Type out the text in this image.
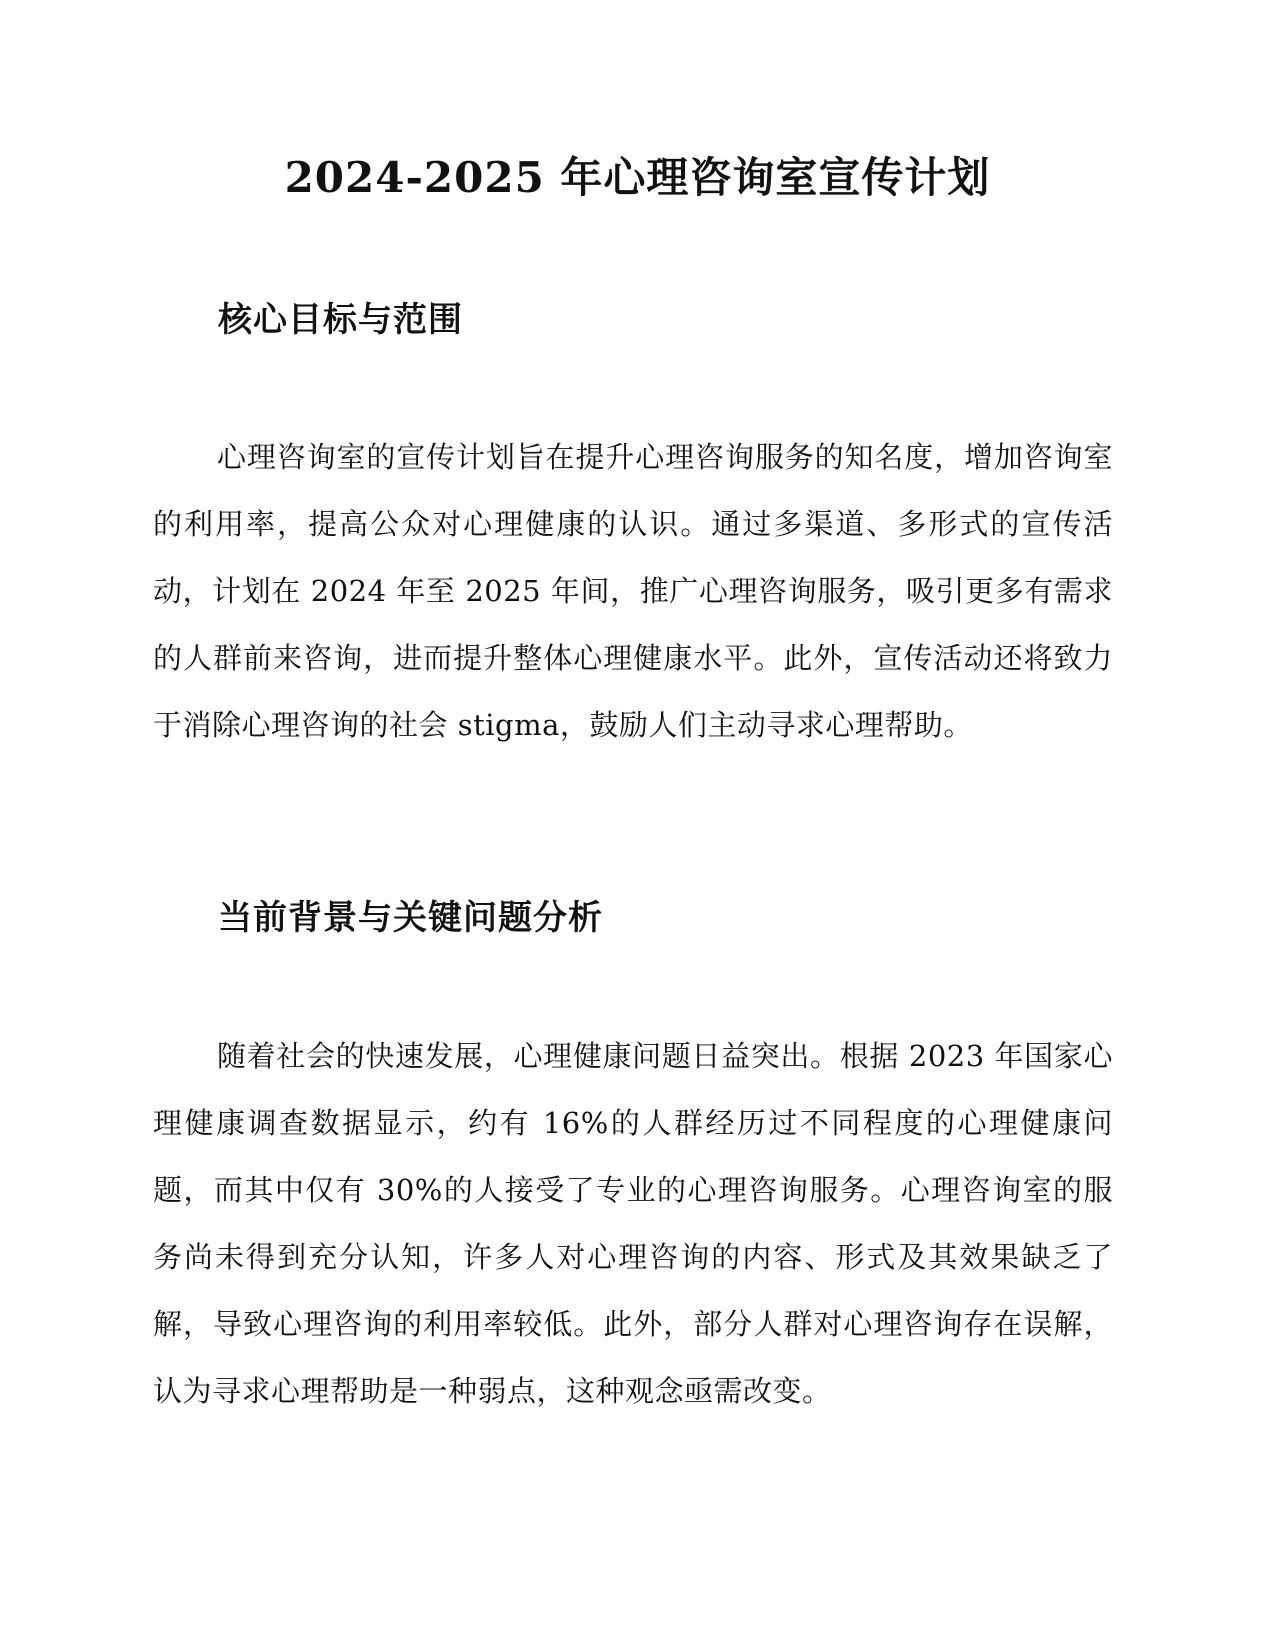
2024-2025 年心理咨询室宣传计划
核心目标与范围

心理咨询室的宣传计划旨在提升心理咨询服务的知名度，增加咨询室的利用率，提高公众对心理健康的认识。通过多渠道、多形式的宣传活动，计划在 2024 年至 2025 年间，推广心理咨询服务，吸引更多有需求的人群前来咨询，进而提升整体心理健康水平。此外，宣传活动还将致力于消除心理咨询的社会 stigma，鼓励人们主动寻求心理帮助。

当前背景与关键问题分析

随着社会的快速发展，心理健康问题日益突出。根据 2023 年国家心理健康调查数据显示，约有 16%的人群经历过不同程度的心理健康问题，而其中仅有 30%的人接受了专业的心理咨询服务。心理咨询室的服务尚未得到充分认知，许多人对心理咨询的内容、形式及其效果缺乏了解，导致心理咨询的利用率较低。此外，部分人群对心理咨询存在误解，认为寻求心理帮助是一种弱点，这种观念亟需改变。
